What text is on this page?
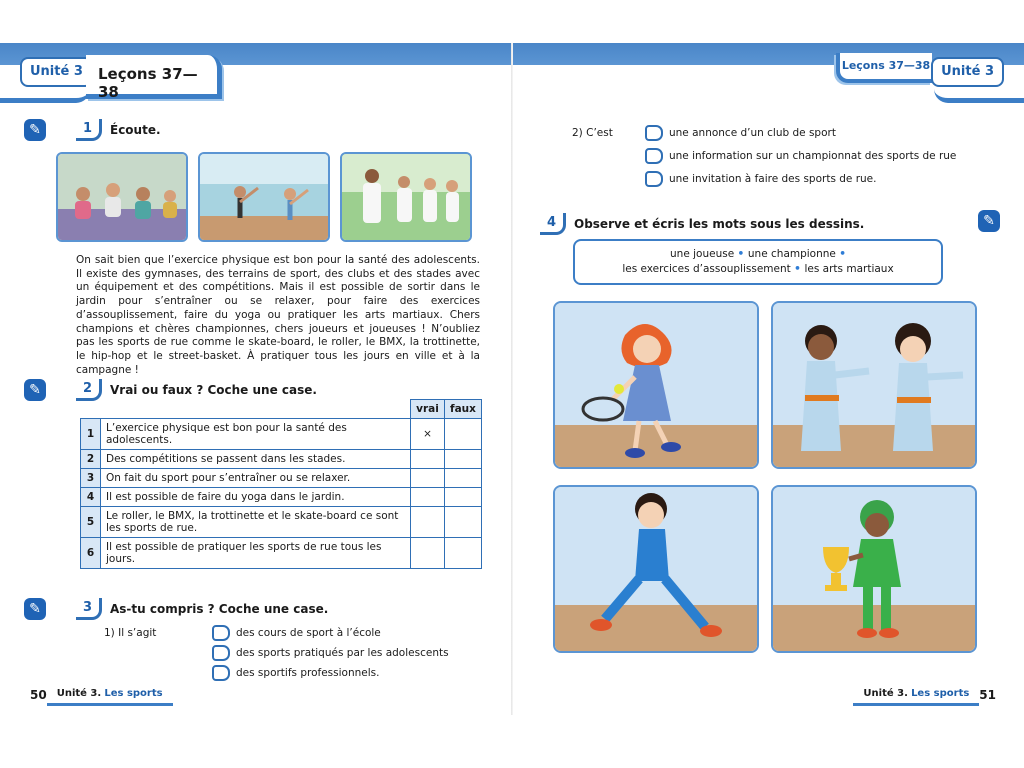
Unité 3	Leçons 37—38
Leçons 37—38 Unité 3
✎	1	Écoute.
On sait bien que l’exercice physique est bon pour la santé des adolescents. Il existe des gymnases, des terrains de sport, des clubs et des stades avec un équipement et des compétitions. Mais il est possible de sortir dans le jardin pour s’entraîner ou se relaxer, pour faire des exercices d’assouplissement, faire du yoga ou pratiquer les arts martiaux. Chers champions et chères championnes, chers joueurs et joueuses ! N’oubliez pas les sports de rue comme le skate-board, le roller, le BMX, la trottinette, le hip-hop et le street-basket. À pratiquer tous les jours en ville et à la campagne !
✎	2	Vrai ou faux ? Coche une case.
		vrai	faux
1	L’exercice physique est bon pour la santé des adolescents.	×	
2	Des compétitions se passent dans les stades.		
3	On fait du sport pour s’entraîner ou se relaxer.		
4	Il est possible de faire du yoga dans le jardin.		
5	Le roller, le BMX, la trottinette et le skate-board ce sont les sports de rue.		
6	Il est possible de pratiquer les sports de rue tous les jours.		
✎	3	As-tu compris ? Coche une case.
1) Il s’agit	des cours de sport à l’école
des sports pratiqués par les adolescents
des sportifs professionnels.
2) C’est	une annonce d’un club de sport
une information sur un championnat des sports de rue
une invitation à faire des sports de rue.
4	Observe et écris les mots sous les dessins.	✎
une joueuse • une championne •
les exercices d’assouplissement • les arts martiaux
50	Unité 3. Les sports	Unité 3. Les sports 51
